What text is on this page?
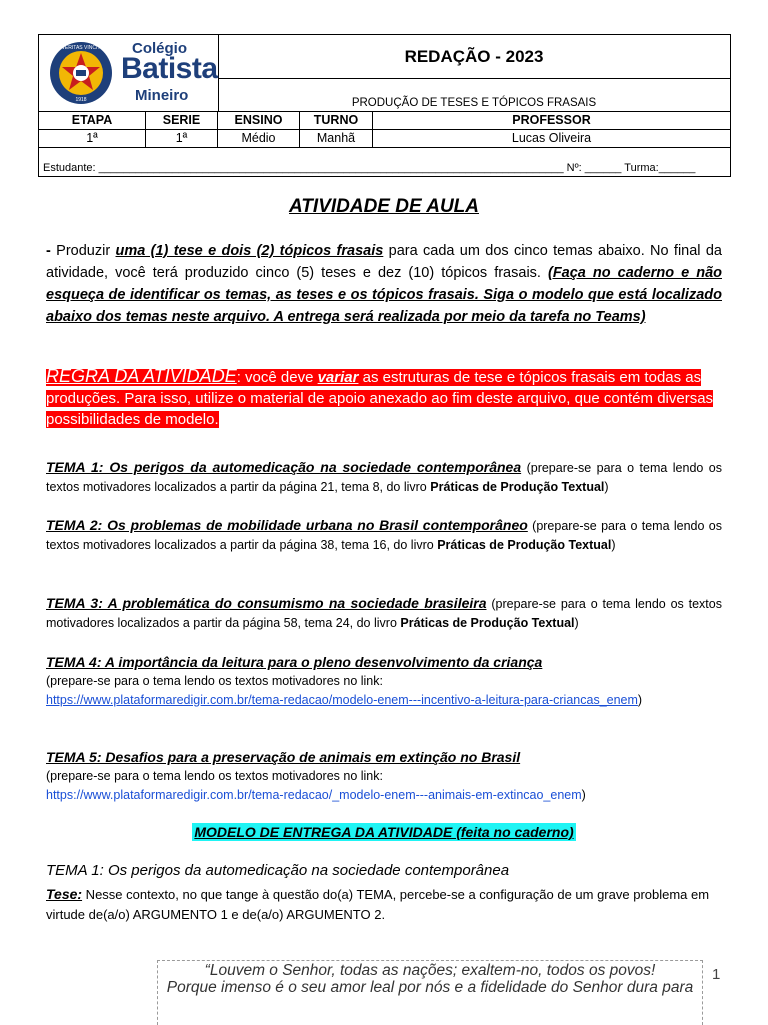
VERITAS VINCIT
1918
Colégio
Batista
Mineiro
REDAÇÃO - 2023
PRODUÇÃO DE TESES E TÓPICOS FRASAIS
ETAPA	SERIE	ENSINO	TURNO	PROFESSOR
1ª	1ª	Médio	Manhã	Lucas Oliveira
Estudante: ____________________________________________________________________________ Nº: ______ Turma:______
ATIVIDADE DE AULA
- Produzir uma (1) tese e dois (2) tópicos frasais para cada um dos cinco temas abaixo. No final da atividade, você terá produzido cinco (5) teses e dez (10) tópicos frasais. (Faça no caderno e não esqueça de identificar os temas, as teses e os tópicos frasais. Siga o modelo que está localizado abaixo dos temas neste arquivo. A entrega será realizada por meio da tarefa no Teams)
REGRA DA ATIVIDADE: você deve variar as estruturas de tese e tópicos frasais em todas as produções. Para isso, utilize o material de apoio anexado ao fim deste arquivo, que contém diversas possibilidades de modelo.
TEMA 1: Os perigos da automedicação na sociedade contemporânea (prepare-se para o tema lendo os textos motivadores localizados a partir da página 21, tema 8, do livro Práticas de Produção Textual)
TEMA 2: Os problemas de mobilidade urbana no Brasil contemporâneo (prepare-se para o tema lendo os textos motivadores localizados a partir da página 38, tema 16, do livro Práticas de Produção Textual)
TEMA 3: A problemática do consumismo na sociedade brasileira (prepare-se para o tema lendo os textos motivadores localizados a partir da página 58, tema 24, do livro Práticas de Produção Textual)
TEMA 4: A importância da leitura para o pleno desenvolvimento da criança
(prepare-se para o tema lendo os textos motivadores no link:
https://www.plataformaredigir.com.br/tema-redacao/modelo-enem---incentivo-a-leitura-para-criancas_enem)
TEMA 5: Desafios para a preservação de animais em extinção no Brasil
(prepare-se para o tema lendo os textos motivadores no link:
https://www.plataformaredigir.com.br/tema-redacao/_modelo-enem---animais-em-extincao_enem)
MODELO DE ENTREGA DA ATIVIDADE (feita no caderno)
TEMA 1: Os perigos da automedicação na sociedade contemporânea
Tese: Nesse contexto, no que tange à questão do(a) TEMA, percebe-se a configuração de um grave problema em virtude de(a/o) ARGUMENTO 1 e de(a/o) ARGUMENTO 2.
“Louvem o Senhor, todas as nações; exaltem-no, todos os povos!
Porque imenso é o seu amor leal por nós e a fidelidade do Senhor dura para
1
